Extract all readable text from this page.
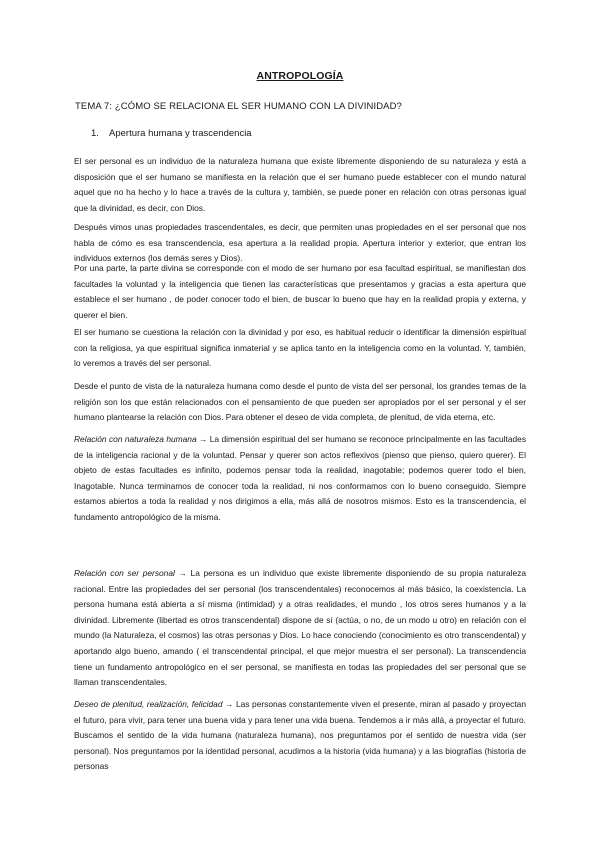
ANTROPOLOGÍA
TEMA 7: ¿CÓMO SE RELACIONA EL SER HUMANO CON LA DIVINIDAD?
1. Apertura humana y trascendencia

El ser personal es un individuo de la naturaleza humana que existe libremente disponiendo de su naturaleza y está a disposición que el ser humano se manifiesta en la relación que el ser humano puede establecer con el mundo natural aquel que no ha hecho y lo hace a través de la cultura y, también, se puede poner en relación con otras personas igual que la divinidad, es decir, con Dios.

Después vimos unas propiedades trascendentales, es decir, que permiten unas propiedades en el ser personal que nos habla de cómo es esa transcendencia, esa apertura a la realidad propia. Apertura interior y exterior, que entran los individuos externos (los demás seres y Dios).

Por una parte, la parte divina se corresponde con el modo de ser humano por esa facultad espiritual, se manifiestan dos facultades la voluntad y la inteligencia que tienen las características que presentamos y gracias a esta apertura que establece el ser humano , de poder conocer todo el bien, de buscar lo bueno que hay en la realidad propia y externa, y querer el bien.

El ser humano se cuestiona la relación con la divinidad y por eso, es habitual reducir o identificar la dimensión espiritual con la religiosa, ya que espiritual significa inmaterial y se aplica tanto en la inteligencia como en la voluntad. Y, también, lo veremos a través del ser personal.

Desde el punto de vista de la naturaleza humana como desde el punto de vista del ser personal, los grandes temas de la religión son los que están relacionados con el pensamiento de que pueden ser apropiados por el ser personal y el ser humano plantearse la relación con Dios. Para obtener el deseo de vida completa, de plenitud, de vida eterna, etc.

Relación con naturaleza humana → La dimensión espiritual del ser humano se reconoce principalmente en las facultades de la inteligencia racional y de la voluntad. Pensar y querer son actos reflexivos (pienso que pienso, quiero querer). El objeto de estas facultades es infinito, podemos pensar toda la realidad, inagotable; podemos querer todo el bien, Inagotable. Nunca terminamos de conocer toda la realidad, ni nos conformamos con lo bueno conseguido. Siempre estamos abiertos a toda la realidad y nos dirigimos a ella, más allá de nosotros mismos. Esto es la transcendencia, el fundamento antropológico de la misma.

Relación con ser personal → La persona es un individuo que existe libremente disponiendo de su propia naturaleza racional. Entre las propiedades del ser personal (los transcendentales) reconocemos al más básico, la coexistencia. La persona humana está abierta a sí misma (intimidad) y a otras realidades, el mundo , los otros seres humanos y a la divinidad. Libremente (libertad es otros transcendental) dispone de sí (actúa, o no, de un modo u otro) en relación con el mundo (la Naturaleza, el cosmos) las otras personas y Dios. Lo hace conociendo (conocimiento es otro transcendental) y aportando algo bueno, amando ( el transcendental principal, el que mejor muestra el ser personal). La transcendencia tiene un fundamento antropológico en el ser personal, se manifiesta en todas las propiedades del ser personal que se llaman transcendentales.

Deseo de plenitud, realización, felicidad → Las personas constantemente viven el presente, miran al pasado y proyectan el futuro, para vivir, para tener una buena vida y para tener una vida buena. Tendemos a ir más allá, a proyectar el futuro. Buscamos el sentido de la vida humana (naturaleza humana), nos preguntamos por el sentido de nuestra vida (ser personal). Nos preguntamos por la identidad personal, acudimos a la historia (vida humana) y a las biografías (historia de personas
